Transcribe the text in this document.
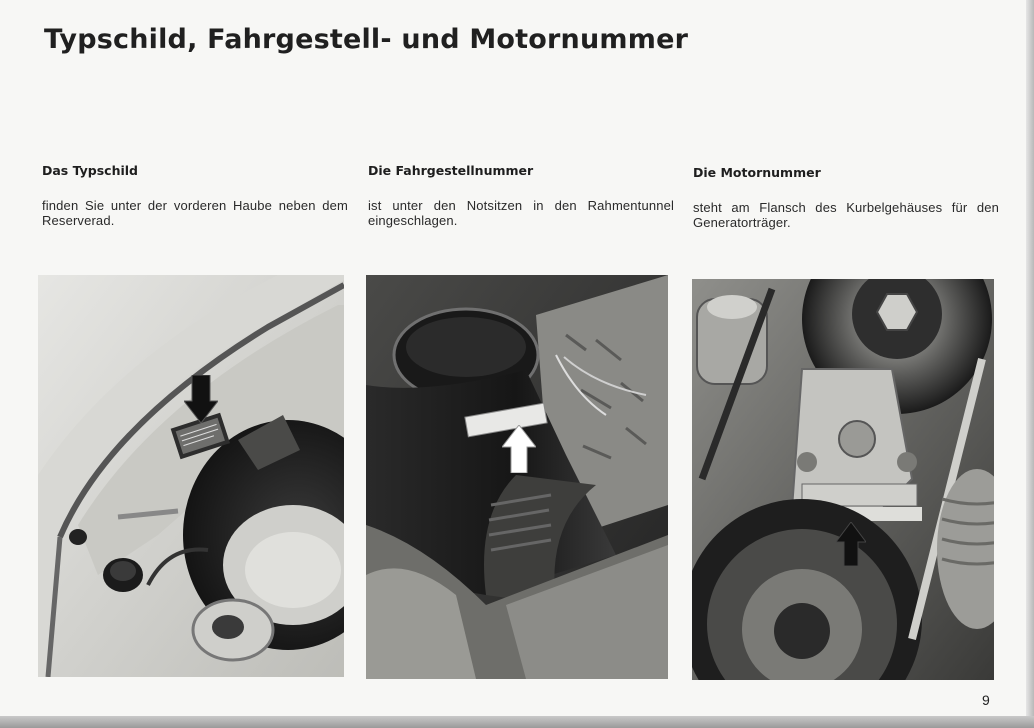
Typschild, Fahrgestell- und Motornummer
Das Typschild

finden Sie unter der vorderen Haube neben dem Reserverad.

Die Fahrgestellnummer

ist unter den Notsitzen in den Rahmentunnel eingeschlagen.

Die Motornummer

steht am Flansch des Kurbelgehäuses für den Generatorträger.

9
